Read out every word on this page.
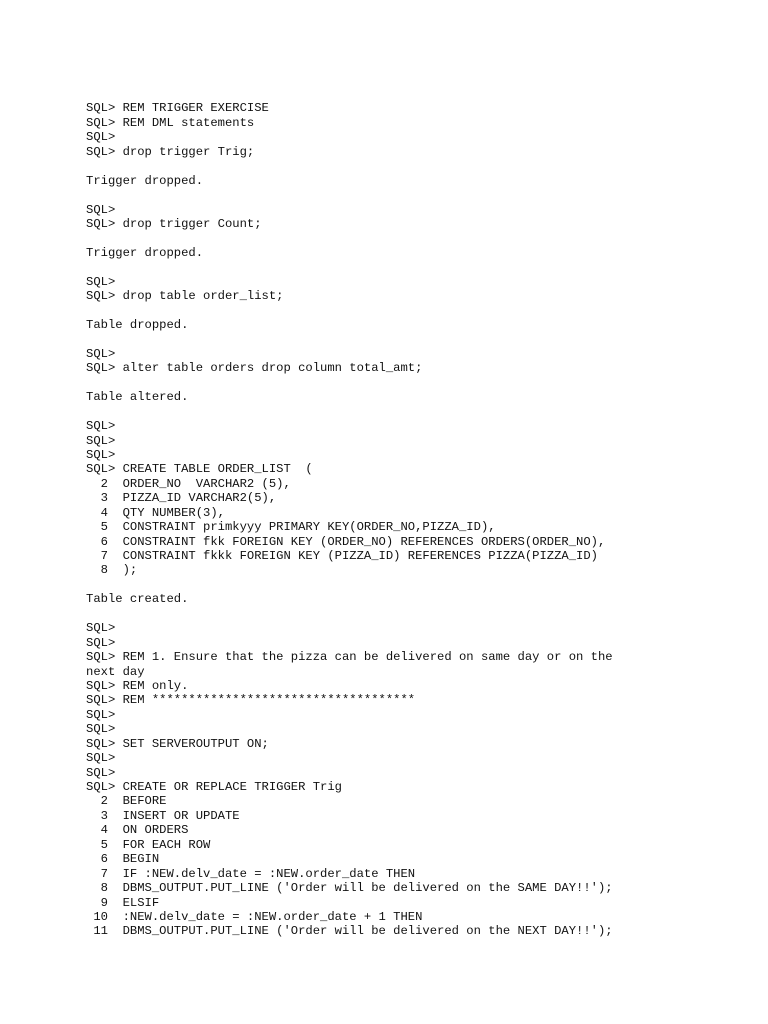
SQL> REM TRIGGER EXERCISE
SQL> REM DML statements
SQL>
SQL> drop trigger Trig;
Trigger dropped.
SQL>
SQL> drop trigger Count;
Trigger dropped.
SQL>
SQL> drop table order_list;
Table dropped.
SQL>
SQL> alter table orders drop column total_amt;
Table altered.
SQL>
SQL>
SQL>
SQL> CREATE TABLE ORDER_LIST  (
2  ORDER_NO  VARCHAR2 (5),
3  PIZZA_ID VARCHAR2(5),
4  QTY NUMBER(3),
5  CONSTRAINT primkyyy PRIMARY KEY(ORDER_NO,PIZZA_ID),
6  CONSTRAINT fkk FOREIGN KEY (ORDER_NO) REFERENCES ORDERS(ORDER_NO),
7  CONSTRAINT fkkk FOREIGN KEY (PIZZA_ID) REFERENCES PIZZA(PIZZA_ID)
8  );
Table created.
SQL>
SQL>
SQL> REM 1. Ensure that the pizza can be delivered on same day or on the
next day
SQL> REM only.
SQL> REM ************************************
SQL>
SQL>
SQL> SET SERVEROUTPUT ON;
SQL>
SQL>
SQL> CREATE OR REPLACE TRIGGER Trig
2  BEFORE
3  INSERT OR UPDATE
4  ON ORDERS
5  FOR EACH ROW
6  BEGIN
7  IF :NEW.delv_date = :NEW.order_date THEN
8  DBMS_OUTPUT.PUT_LINE ('Order will be delivered on the SAME DAY!!');
9  ELSIF
10  :NEW.delv_date = :NEW.order_date + 1 THEN
11  DBMS_OUTPUT.PUT_LINE ('Order will be delivered on the NEXT DAY!!');
